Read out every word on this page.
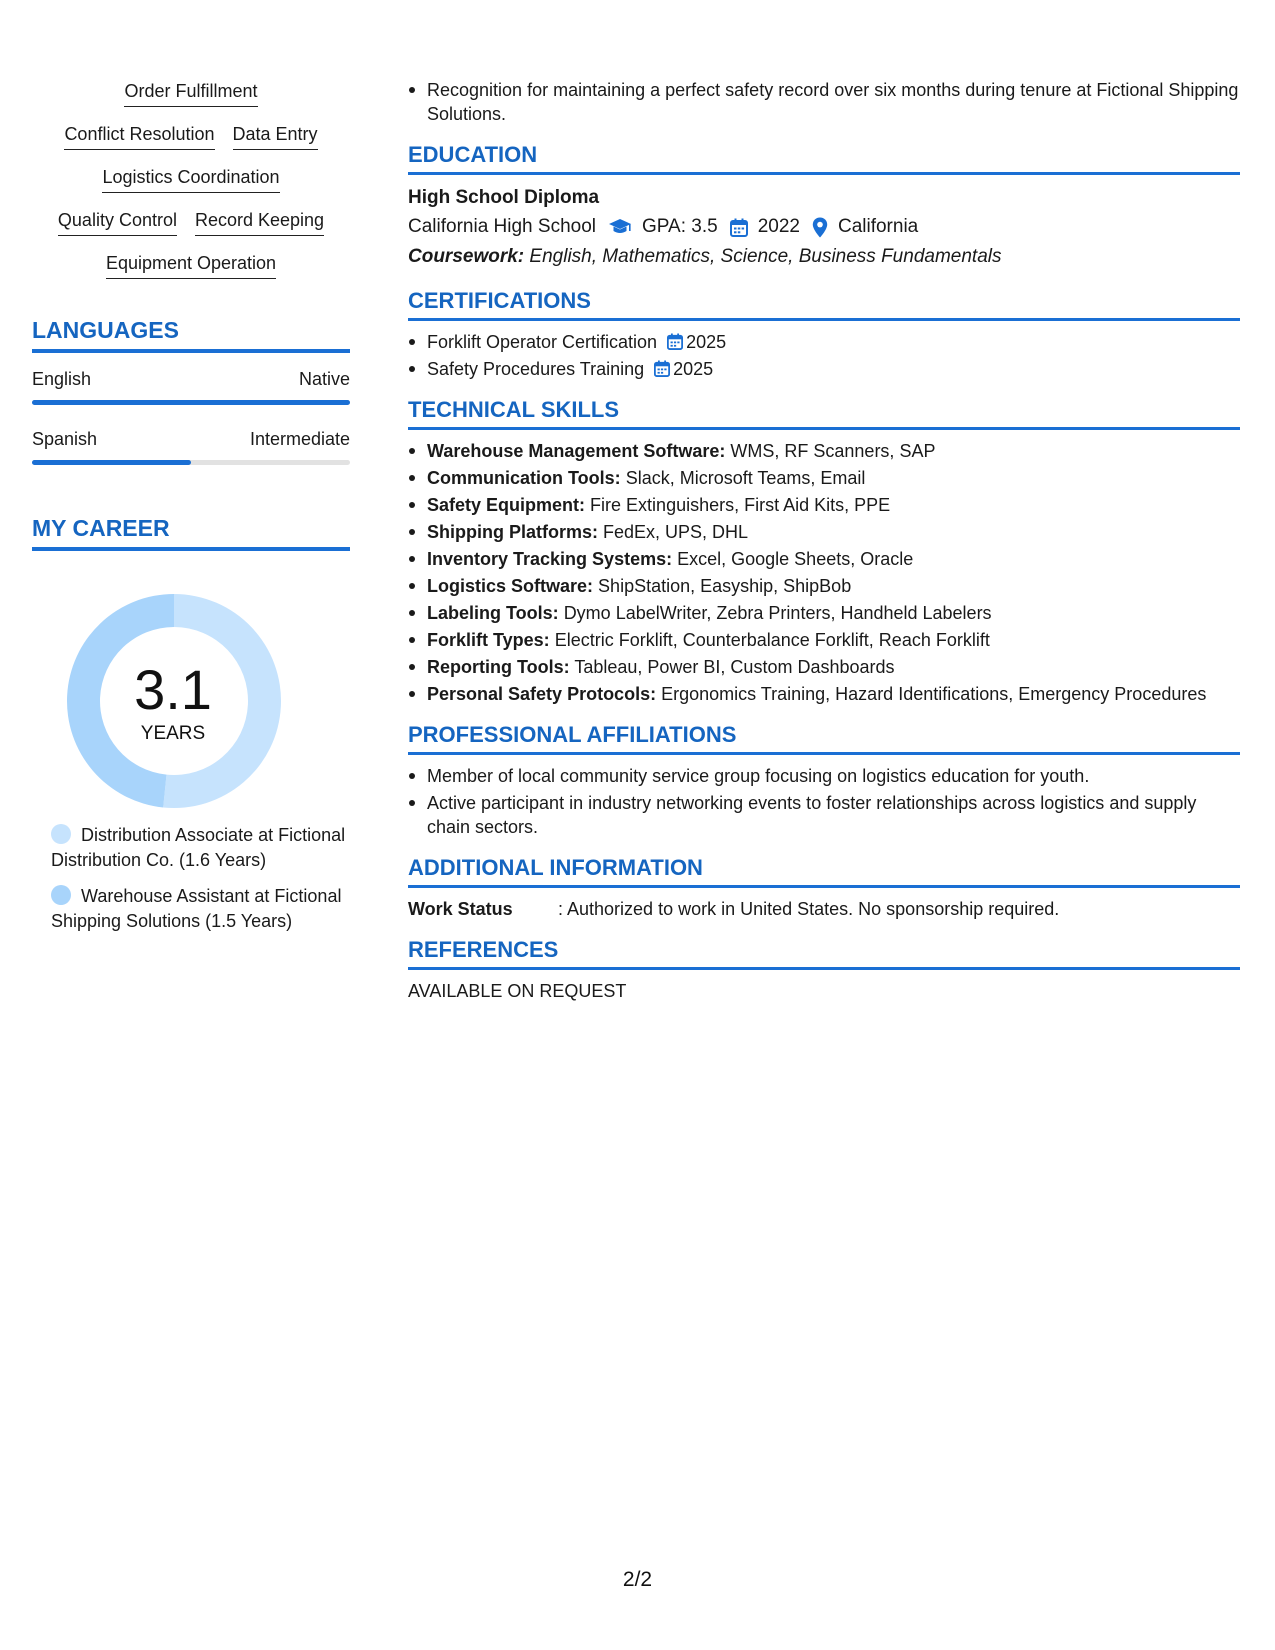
Order Fulfillment
Conflict Resolution Data Entry
Logistics Coordination
Quality Control Record Keeping
Equipment Operation
LANGUAGES
English	Native
Spanish	Intermediate
MY CAREER
3.1
YEARS
Distribution Associate at Fictional Distribution Co. (1.6 Years)
Warehouse Assistant at Fictional Shipping Solutions (1.5 Years)
Recognition for maintaining a perfect safety record over six months during tenure at Fictional Shipping Solutions.
EDUCATION
High School Diploma
California High School GPA: 3.5 2022 California
Coursework: English, Mathematics, Science, Business Fundamentals
CERTIFICATIONS
Forklift Operator Certification 2025
Safety Procedures Training 2025
TECHNICAL SKILLS
Warehouse Management Software: WMS, RF Scanners, SAP
Communication Tools: Slack, Microsoft Teams, Email
Safety Equipment: Fire Extinguishers, First Aid Kits, PPE
Shipping Platforms: FedEx, UPS, DHL
Inventory Tracking Systems: Excel, Google Sheets, Oracle
Logistics Software: ShipStation, Easyship, ShipBob
Labeling Tools: Dymo LabelWriter, Zebra Printers, Handheld Labelers
Forklift Types: Electric Forklift, Counterbalance Forklift, Reach Forklift
Reporting Tools: Tableau, Power BI, Custom Dashboards
Personal Safety Protocols: Ergonomics Training, Hazard Identifications, Emergency Procedures
PROFESSIONAL AFFILIATIONS
Member of local community service group focusing on logistics education for youth.
Active participant in industry networking events to foster relationships across logistics and supply chain sectors.
ADDITIONAL INFORMATION
Work Status	: Authorized to work in United States. No sponsorship required.
REFERENCES
AVAILABLE ON REQUEST
2/2
